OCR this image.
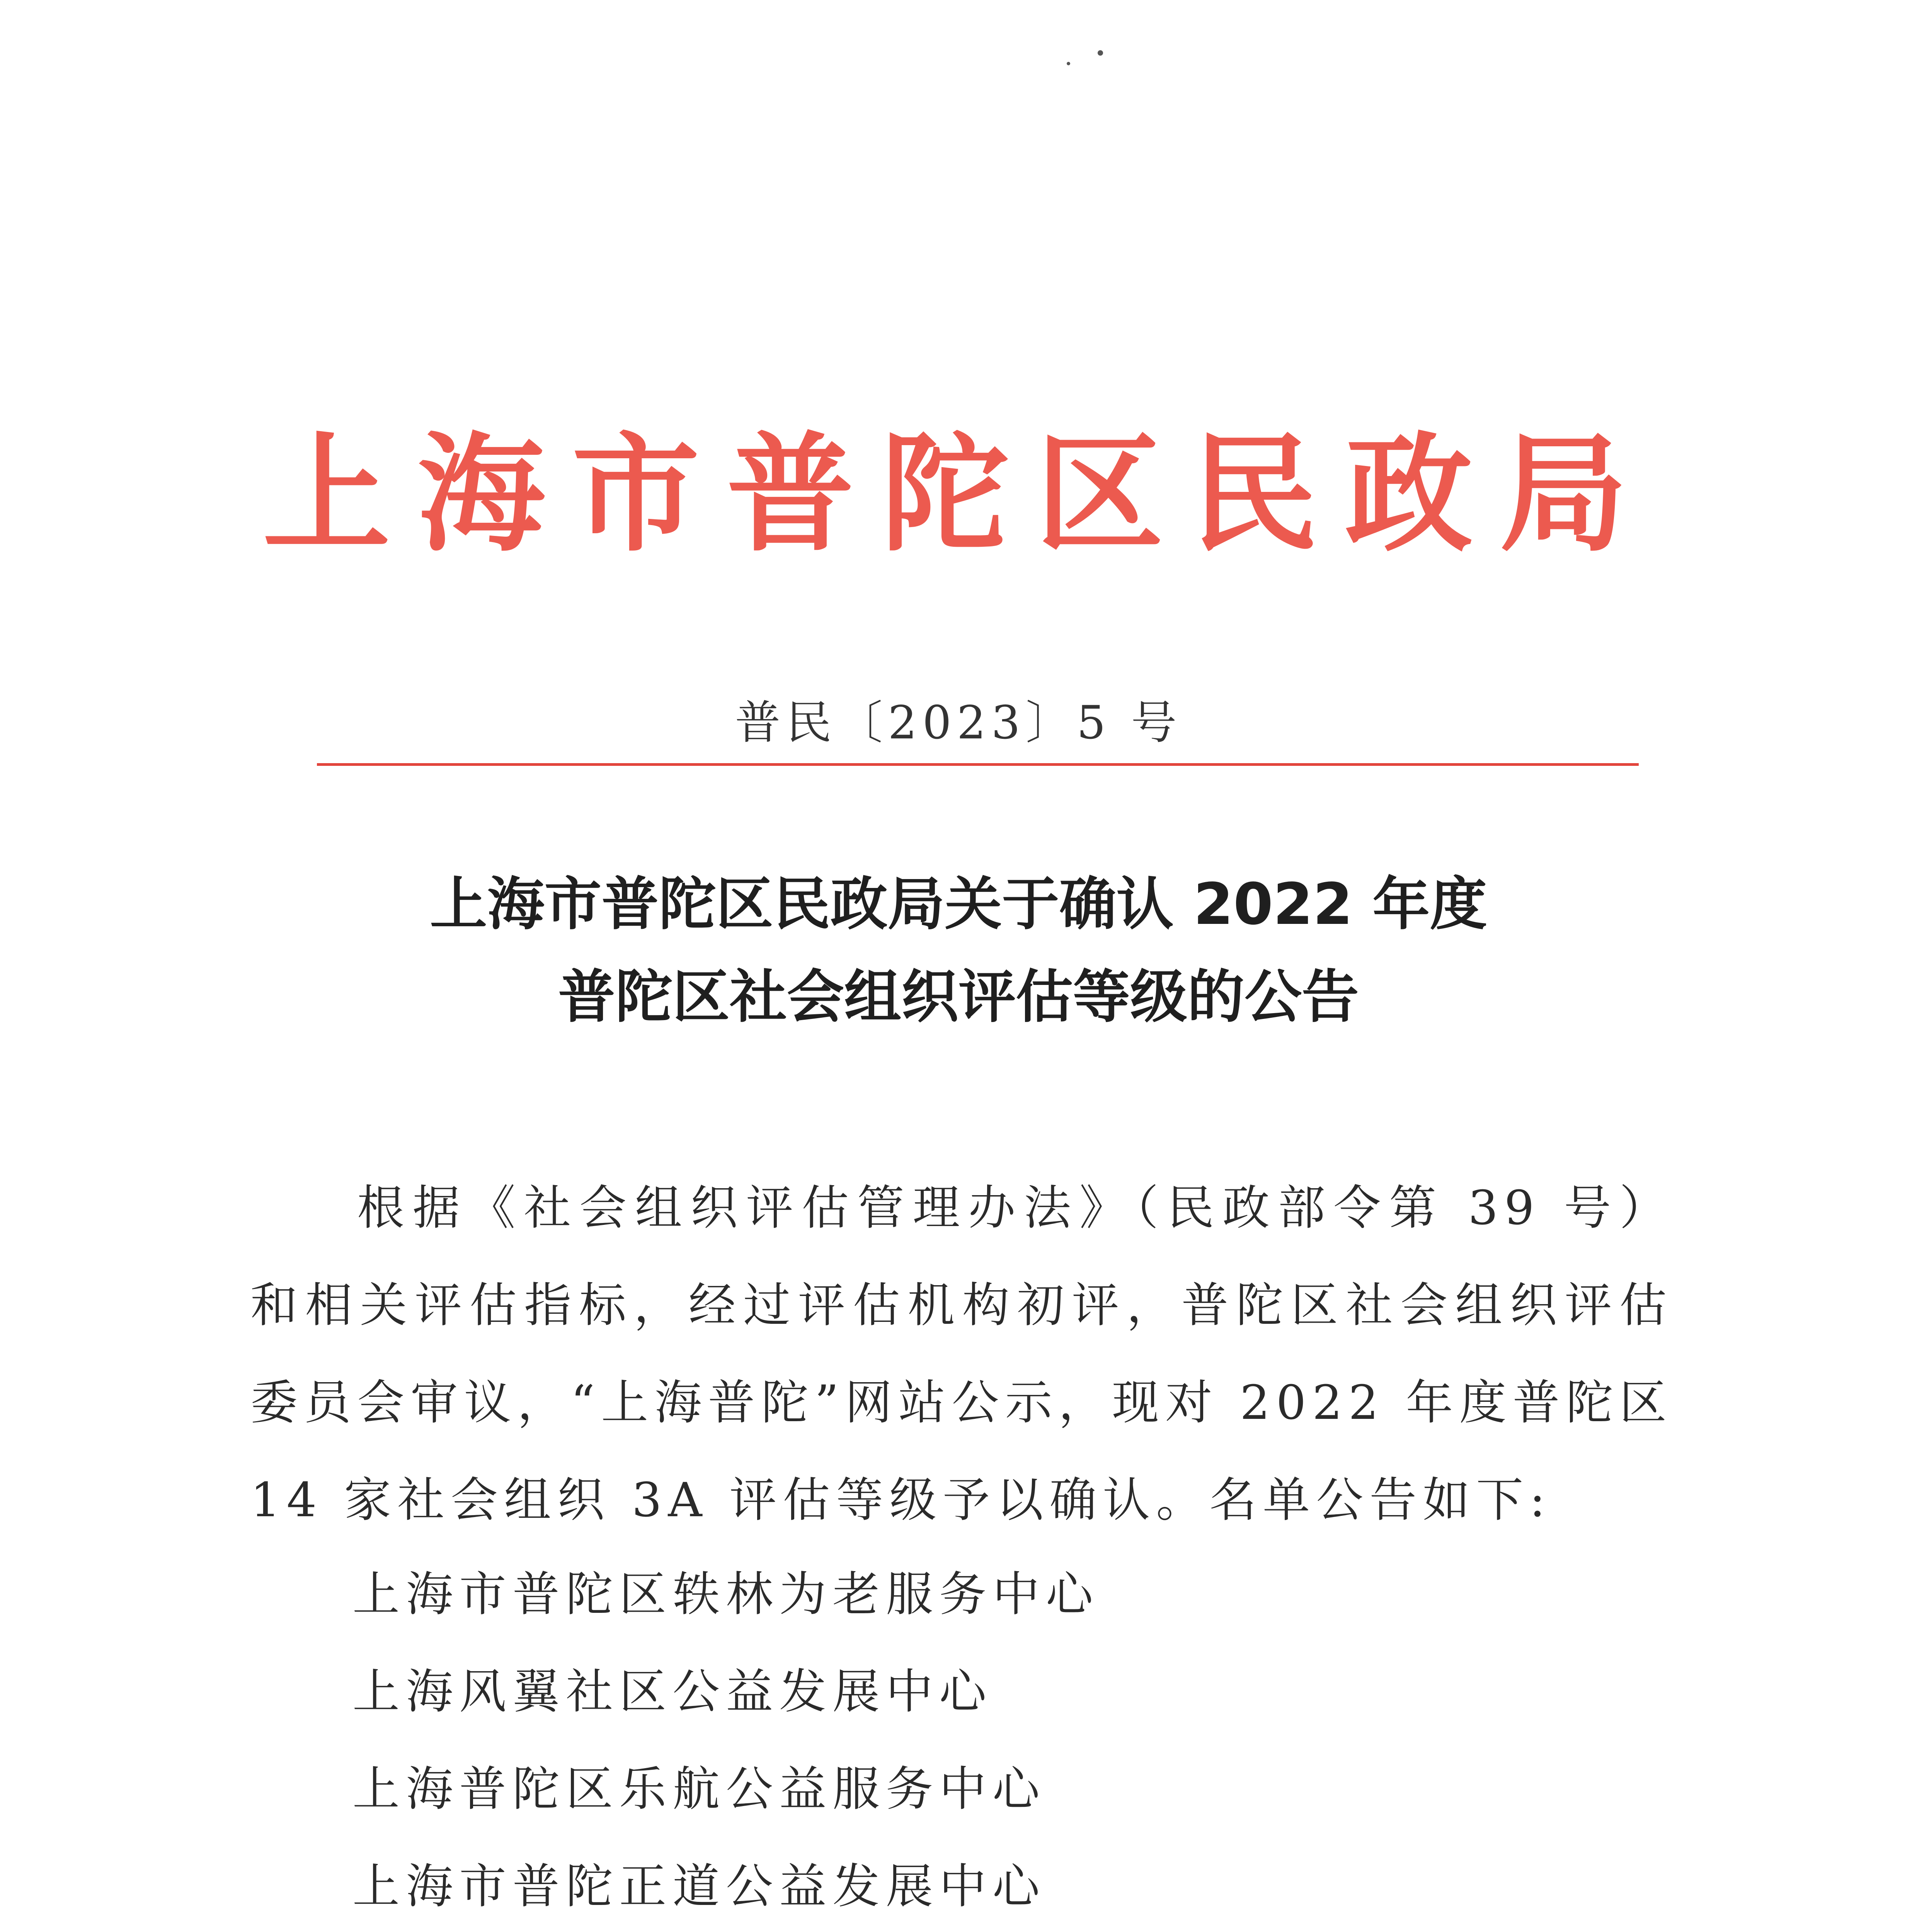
上海市普陀区民政局
普民〔2023〕5 号
上海市普陀区民政局关于确认 2022 年度
普陀区社会组织评估等级的公告

根据《社会组织评估管理办法》（民政部令第 39 号）和相关评估指标，经过评估机构初评，普陀区社会组织评估委员会审议，“上海普陀”网站公示，现对 2022 年度普陀区 14 家社会组织 3A 评估等级予以确认。名单公告如下:

上海市普陀区轶林为老服务中心
上海风翼社区公益发展中心
上海普陀区乐航公益服务中心
上海市普陀正道公益发展中心
